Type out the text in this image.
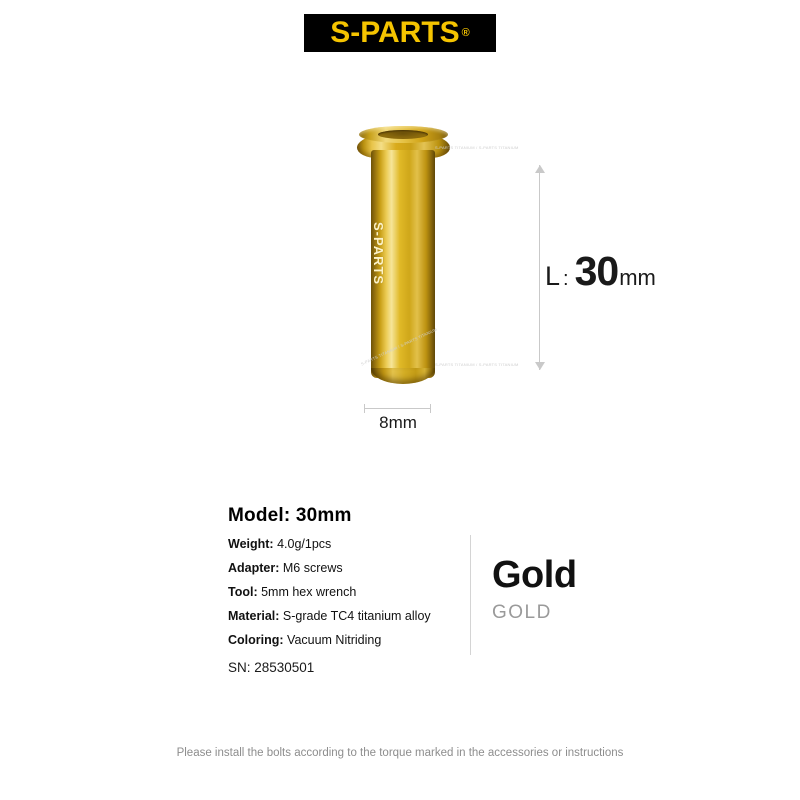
S-PARTS ®
S-PARTS
S-PARTS TITANIUM / S-PARTS TITANIUM
S-PARTS TITANIUM / S-PARTS TITANIUM
S-PARTS TITANIUM / S-PARTS TITANIUM
L : 30 mm
8mm
Model: 30mm
Weight: 4.0g/1pcs
Adapter: M6 screws
Tool: 5mm hex wrench
Material: S-grade TC4 titanium alloy
Coloring: Vacuum Nitriding
SN: 28530501
Gold
GOLD
Please install the bolts according to the torque marked in the accessories or instructions
